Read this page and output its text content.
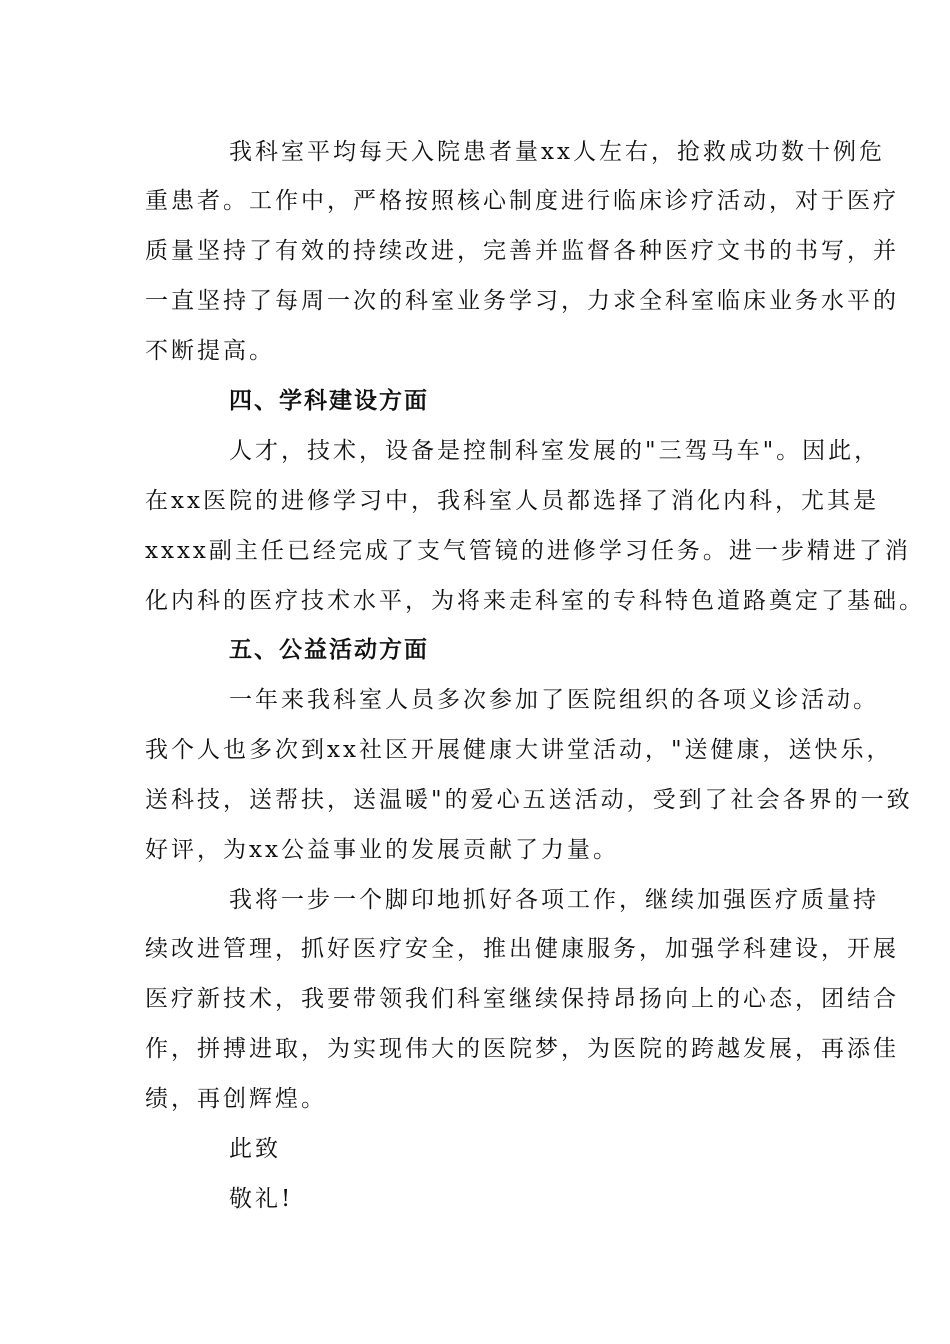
我科室平均每天入院患者量xx人左右，抢救成功数十例危
重患者。工作中，严格按照核心制度进行临床诊疗活动，对于医疗
质量坚持了有效的持续改进，完善并监督各种医疗文书的书写，并
一直坚持了每周一次的科室业务学习，力求全科室临床业务水平的
不断提高。
四、学科建设方面
人才，技术，设备是控制科室发展的"三驾马车"。因此，
在xx医院的进修学习中，我科室人员都选择了消化内科，尤其是
xxxx副主任已经完成了支气管镜的进修学习任务。进一步精进了消
化内科的医疗技术水平，为将来走科室的专科特色道路奠定了基础。
五、公益活动方面
一年来我科室人员多次参加了医院组织的各项义诊活动。
我个人也多次到xx社区开展健康大讲堂活动，"送健康，送快乐，
送科技，送帮扶，送温暖"的爱心五送活动，受到了社会各界的一致
好评，为xx公益事业的发展贡献了力量。
我将一步一个脚印地抓好各项工作，继续加强医疗质量持
续改进管理，抓好医疗安全，推出健康服务，加强学科建设，开展
医疗新技术，我要带领我们科室继续保持昂扬向上的心态，团结合
作，拼搏进取，为实现伟大的医院梦，为医院的跨越发展，再添佳
绩，再创辉煌。
此致
敬礼!
